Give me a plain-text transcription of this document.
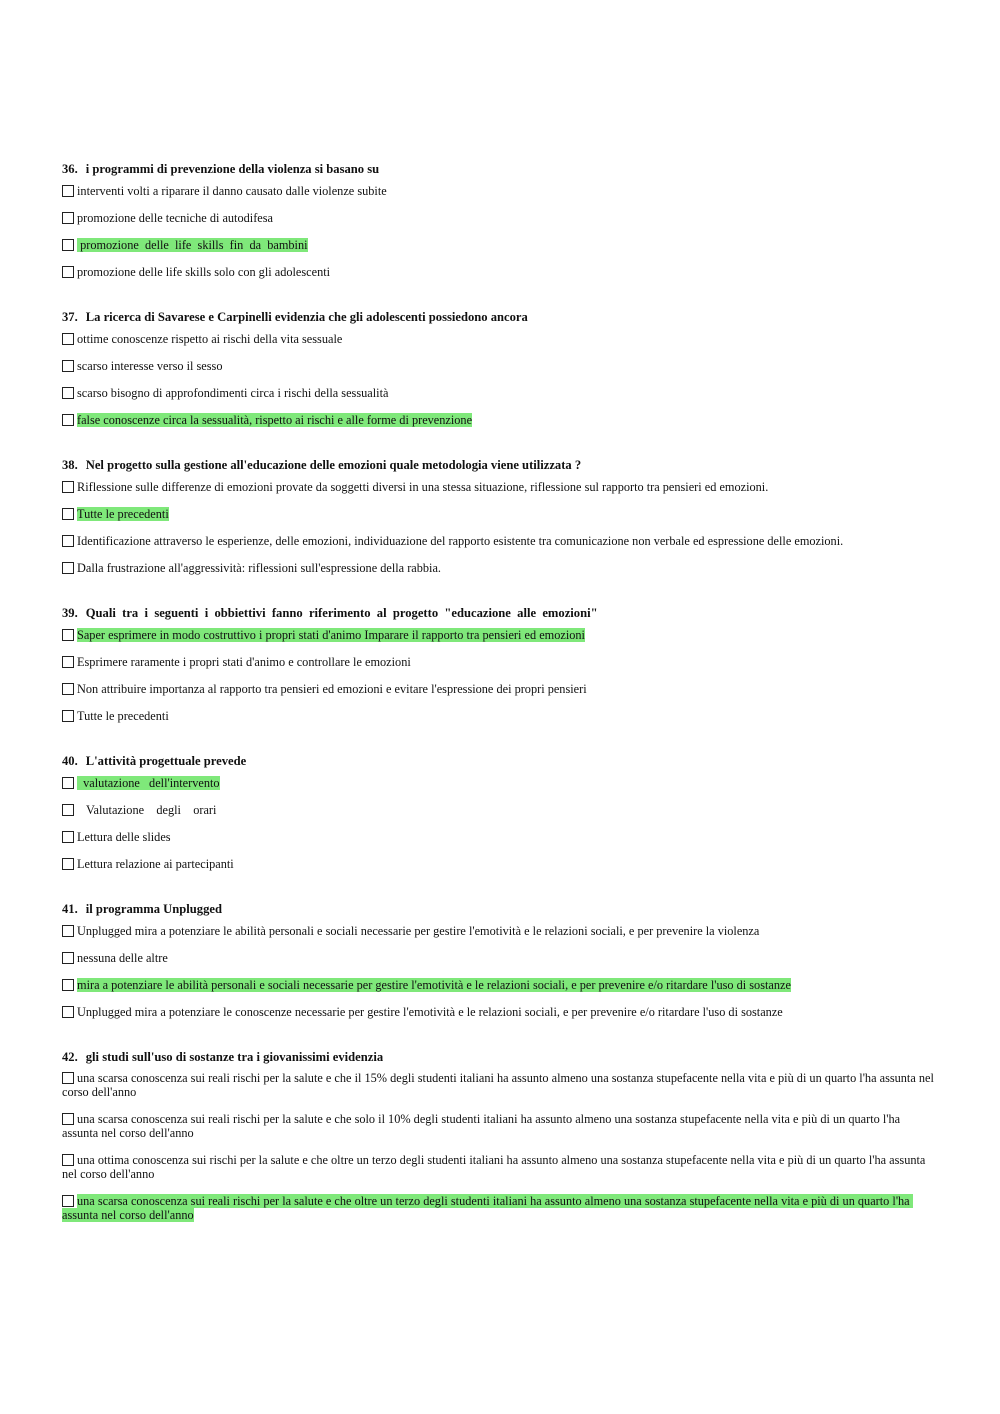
36. i programmi di prevenzione della violenza si basano su
interventi volti a riparare il danno causato dalle violenze subite
promozione delle tecniche di autodifesa
promozione  delle  life  skills  fin  da  bambini
promozione delle life skills solo con gli adolescenti
37. La ricerca di Savarese e Carpinelli evidenzia che gli adolescenti possiedono ancora
ottime conoscenze rispetto ai rischi della vita sessuale
scarso interesse verso il sesso
scarso bisogno di approfondimenti circa i rischi della sessualità
false conoscenze circa la sessualità, rispetto ai rischi e alle forme di prevenzione
38. Nel progetto sulla gestione all'educazione delle emozioni quale metodologia viene utilizzata ?
Riflessione sulle differenze di emozioni provate da soggetti diversi in una stessa situazione, riflessione sul rapporto tra pensieri ed emozioni.
Tutte le precedenti
Identificazione attraverso le esperienze, delle emozioni, individuazione del rapporto esistente tra comunicazione non verbale ed espressione delle emozioni.
Dalla frustrazione all'aggressività: riflessioni sull'espressione della rabbia.
39. Quali  tra  i  seguenti  i  obbiettivi  fanno  riferimento  al  progetto  "educazione  alle  emozioni"
Saper esprimere in modo costruttivo i propri stati d'animo Imparare il rapporto tra pensieri ed emozioni
Esprimere raramente i propri stati d'animo e controllare le emozioni
Non attribuire importanza al rapporto tra pensieri ed emozioni e evitare l'espressione dei propri pensieri
Tutte le precedenti
40. L'attività progettuale prevede
valutazione   dell'intervento
Valutazione    degli    orari
Lettura delle slides
Lettura relazione ai partecipanti
41. il programma Unplugged
Unplugged mira a potenziare le abilità personali e sociali necessarie per gestire l'emotività e le relazioni sociali, e per prevenire la violenza
nessuna delle altre
mira a potenziare le abilità personali e sociali necessarie per gestire l'emotività e le relazioni sociali, e per prevenire e/o ritardare l'uso di sostanze
Unplugged mira a potenziare le conoscenze necessarie per gestire l'emotività e le relazioni sociali, e per prevenire e/o ritardare l'uso di sostanze
42. gli studi sull'uso di sostanze tra i giovanissimi evidenzia
una scarsa conoscenza sui reali rischi per la salute e che il 15% degli studenti italiani ha assunto almeno una sostanza stupefacente nella vita e più di un quarto l'ha assunta nel corso dell'anno
una scarsa conoscenza sui reali rischi per la salute e che solo il 10% degli studenti italiani ha assunto almeno una sostanza stupefacente nella vita e più di un quarto l'ha assunta nel corso dell'anno
una ottima conoscenza sui rischi per la salute e che oltre un terzo degli studenti italiani ha assunto almeno una sostanza stupefacente nella vita e più di un quarto l'ha assunta nel corso dell'anno
una scarsa conoscenza sui reali rischi per la salute e che oltre un terzo degli studenti italiani ha assunto almeno una sostanza stupefacente nella vita e più di un quarto l'ha assunta nel corso dell'anno
